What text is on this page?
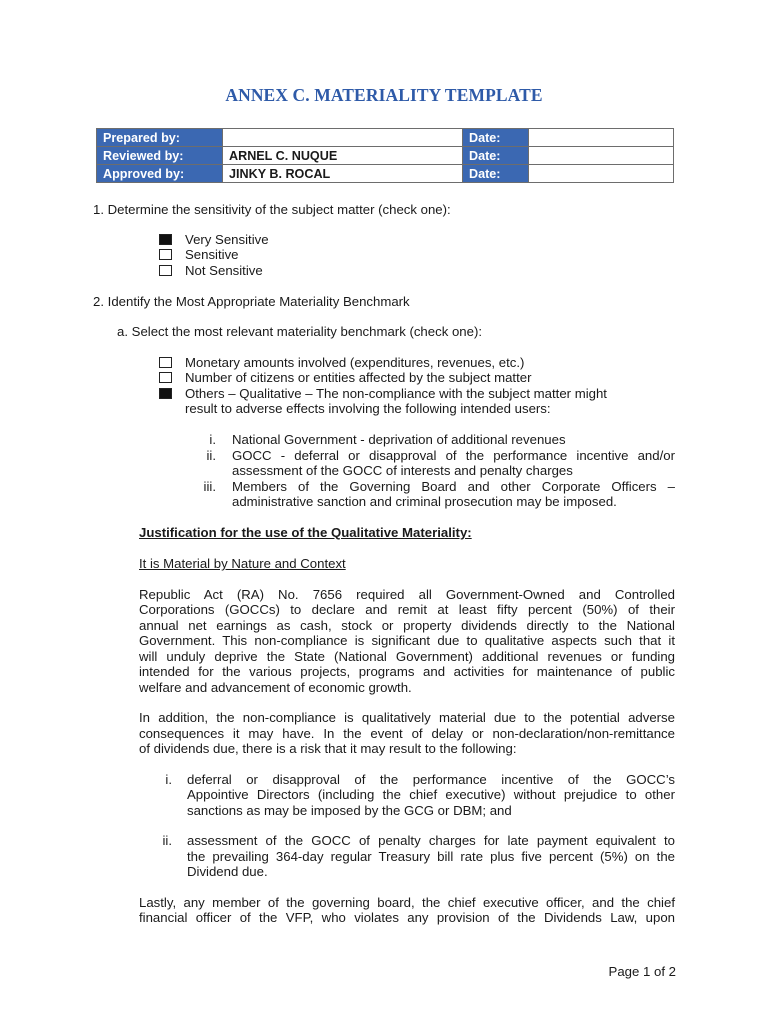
ANNEX C. MATERIALITY TEMPLATE
Prepared by:		Date:	
Reviewed by:	ARNEL C. NUQUE	Date:	
Approved by:	JINKY B. ROCAL	Date:	
1. Determine the sensitivity of the subject matter (check one):
Very Sensitive
Sensitive
Not Sensitive
2. Identify the Most Appropriate Materiality Benchmark
a. Select the most relevant materiality benchmark (check one):
Monetary amounts involved (expenditures, revenues, etc.)
Number of citizens or entities affected by the subject matter
Others – Qualitative – The non-compliance with the subject matter might
result to adverse effects involving the following intended users:
i. National Government - deprivation of additional revenues
ii. GOCC - deferral or disapproval of the performance incentive and/or
assessment of the GOCC of interests and penalty charges
iii. Members of the Governing Board and other Corporate Officers –
administrative sanction and criminal prosecution may be imposed.
Justification for the use of the Qualitative Materiality:
It is Material by Nature and Context
Republic Act (RA) No. 7656 required all Government-Owned and Controlled
Corporations (GOCCs) to declare and remit at least fifty percent (50%) of their
annual net earnings as cash, stock or property dividends directly to the National
Government. This non-compliance is significant due to qualitative aspects such that it
will unduly deprive the State (National Government) additional revenues or funding
intended for the various projects, programs and activities for maintenance of public
welfare and advancement of economic growth.
In addition, the non-compliance is qualitatively material due to the potential adverse
consequences it may have. In the event of delay or non-declaration/non-remittance
of dividends due, there is a risk that it may result to the following:
i. deferral or disapproval of the performance incentive of the GOCC’s
Appointive Directors (including the chief executive) without prejudice to other
sanctions as may be imposed by the GCG or DBM; and
ii. assessment of the GOCC of penalty charges for late payment equivalent to
the prevailing 364-day regular Treasury bill rate plus five percent (5%) on the
Dividend due.
Lastly, any member of the governing board, the chief executive officer, and the chief
financial officer of the VFP, who violates any provision of the Dividends Law, upon
Page 1 of 2
